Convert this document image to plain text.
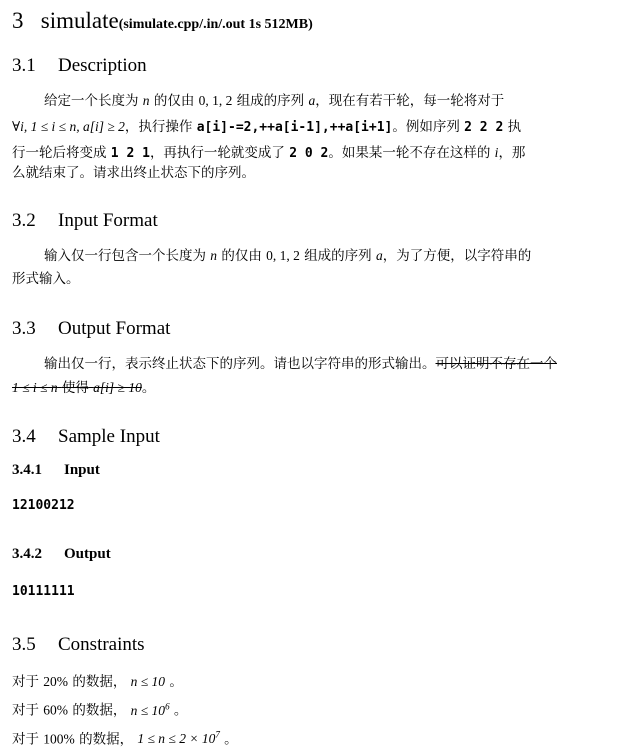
3 simulate(simulate.cpp/.in/.out 1s 512MB)
3.1 Description
给定一个长度为 n 的仅由 0, 1, 2 组成的序列 a，现在有若干轮，每一轮将对于
∀i, 1 ≤ i ≤ n, a[i] ≥ 2，执行操作 a[i]-=2,++a[i-1],++a[i+1]。例如序列 2 2 2 执
行一轮后将变成 1 2 1，再执行一轮就变成了 2 0 2。如果某一轮不存在这样的 i，那
么就结束了。请求出终止状态下的序列。
3.2 Input Format
输入仅一行包含一个长度为 n 的仅由 0, 1, 2 组成的序列 a，为了方便，以字符串的
形式输入。
3.3 Output Format
输出仅一行，表示终止状态下的序列。请也以字符串的形式输出。可以证明不存在一个
1 ≤ i ≤ n 使得 a[i] ≥ 10。
3.4 Sample Input
3.4.1 Input
12100212
3.4.2 Output
10111111
3.5 Constraints
对于 20% 的数据， n ≤ 10 。
对于 60% 的数据， $n \le 10^6$ 。
对于 100% 的数据， $1 \le n \le 2 \times 10^7$ 。
